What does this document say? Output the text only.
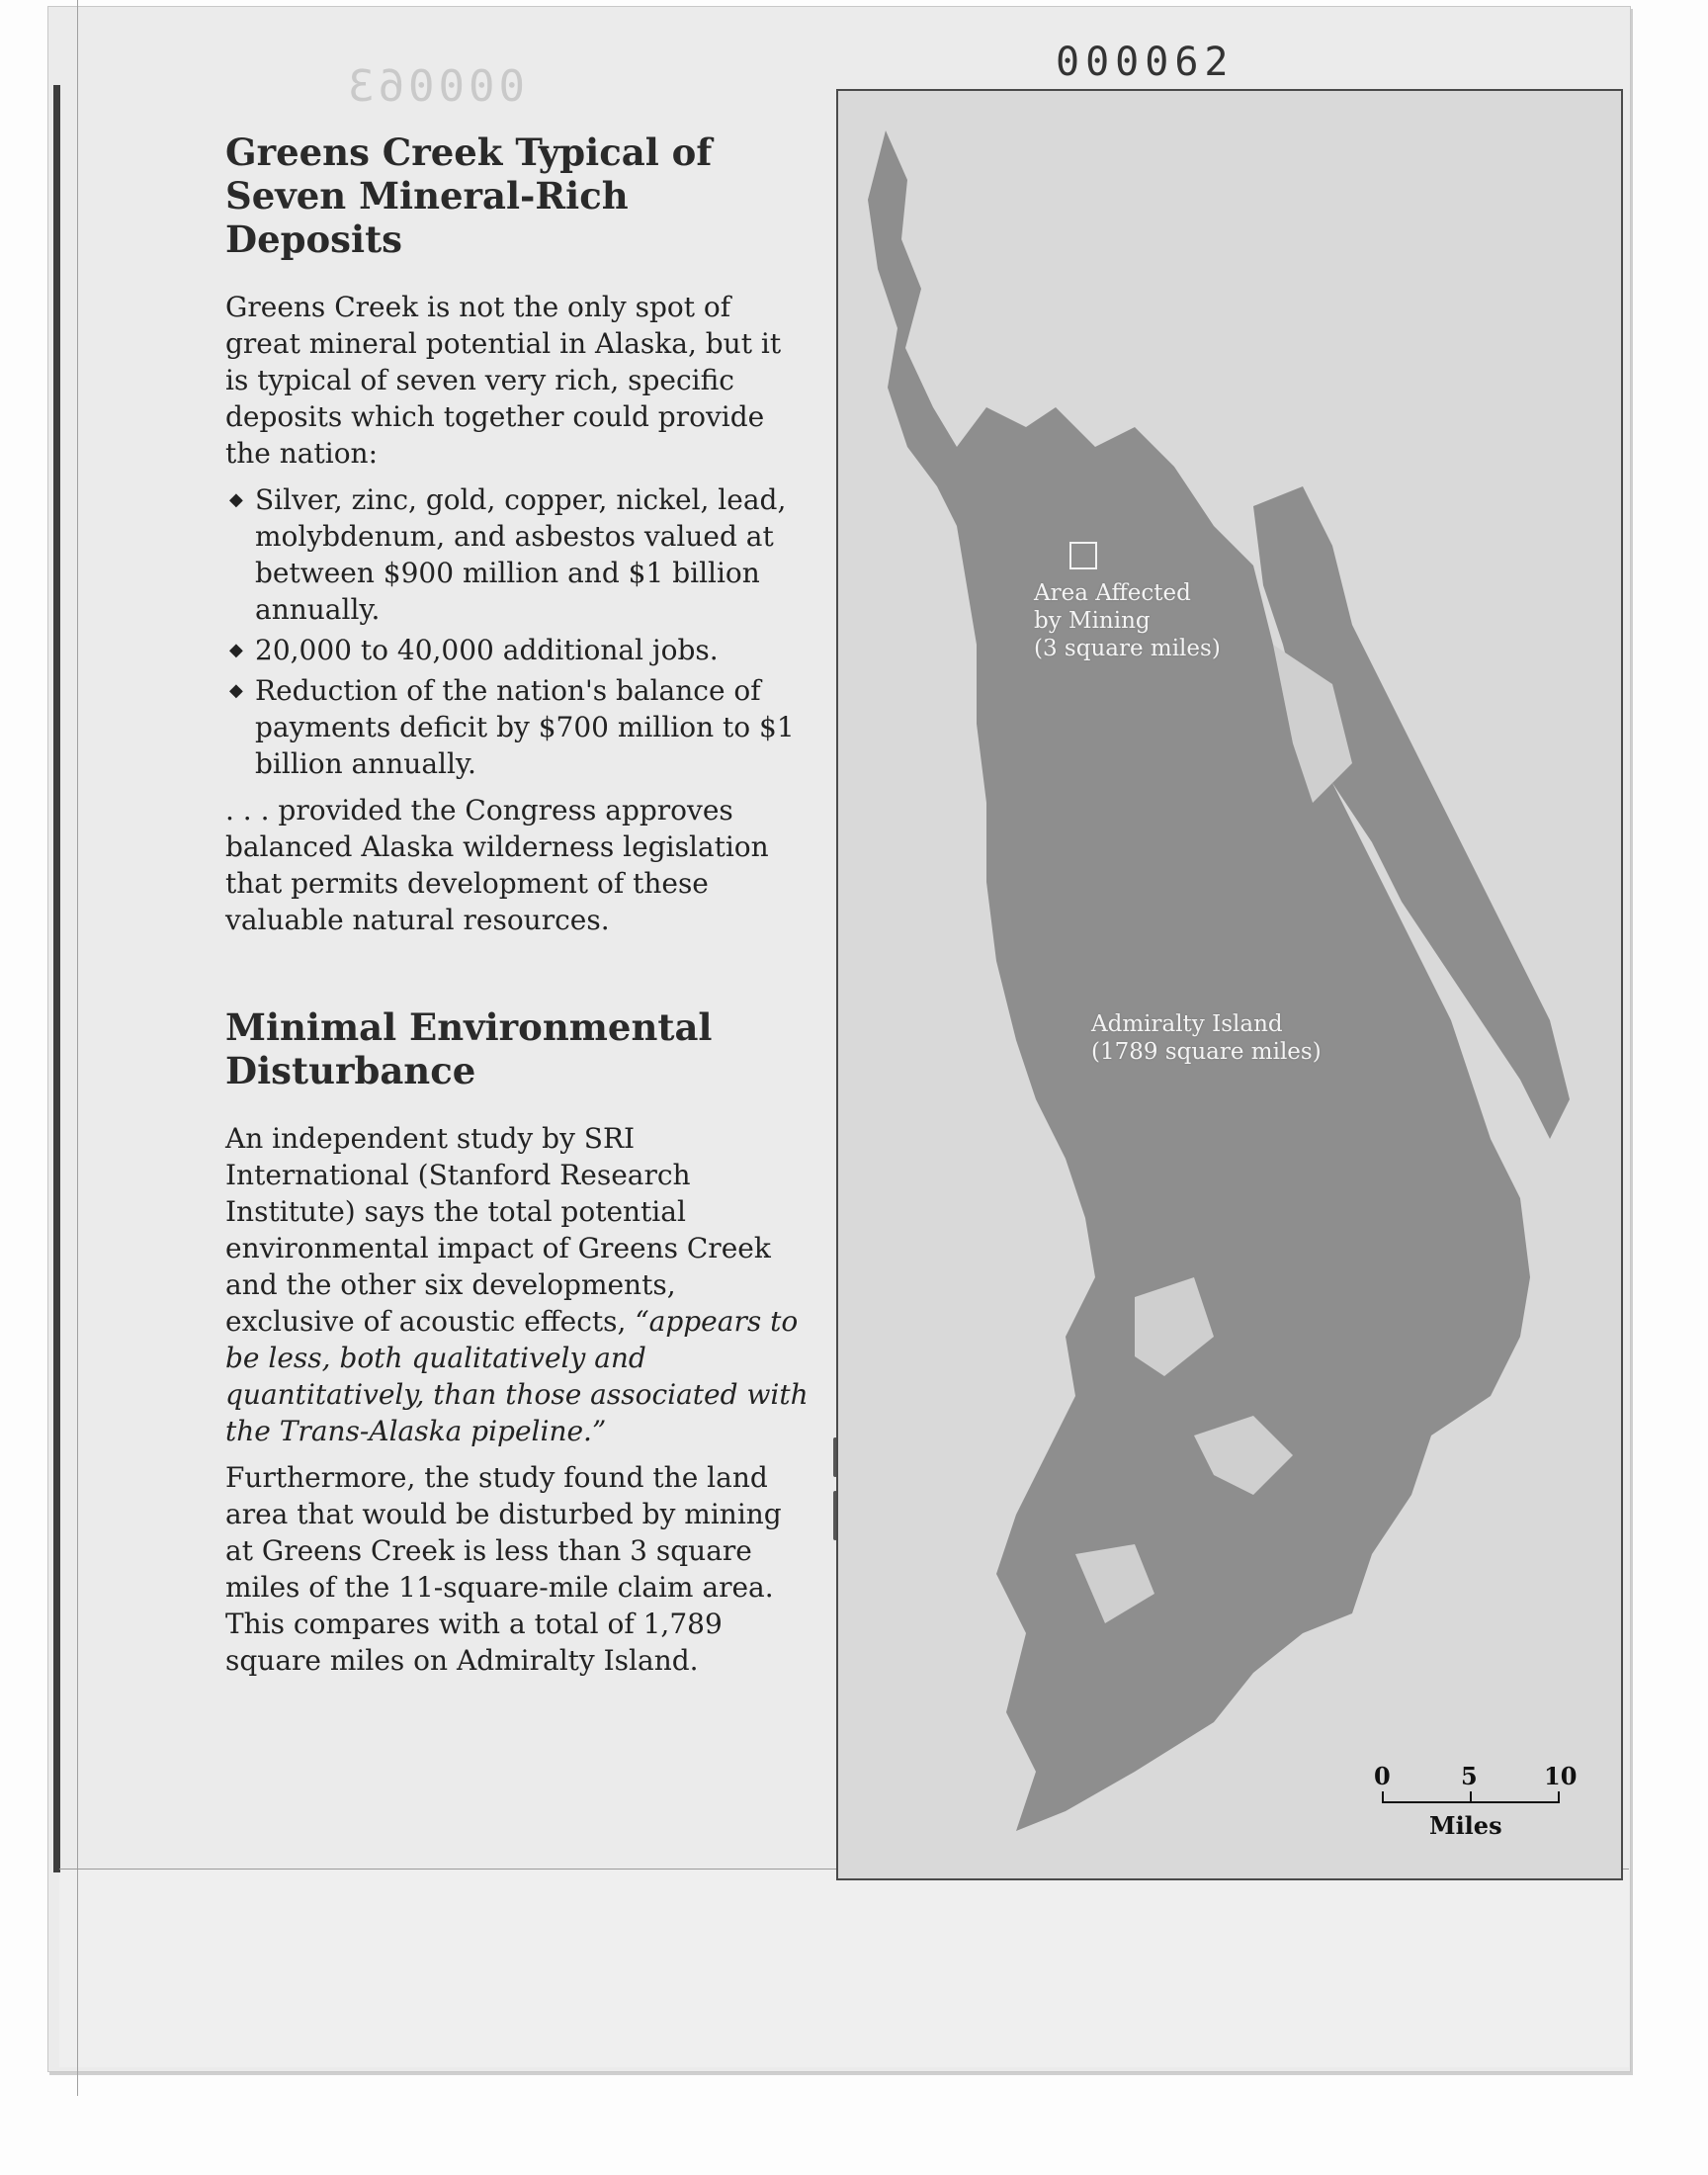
000063	000062
Greens Creek Typical of
Seven Mineral-Rich Deposits

Greens Creek is not the only spot of great mineral potential in Alaska, but it is typical of seven very rich, specific deposits which together could provide the nation:

◆ Silver, zinc, gold, copper, nickel, lead, molybdenum, and asbestos valued at between $900 million and $1 billion annually.
◆ 20,000 to 40,000 additional jobs.
◆ Reduction of the nation's balance of payments deficit by $700 million to $1 billion annually.

. . . provided the Congress approves balanced Alaska wilderness legislation that permits development of these valuable natural resources.

Minimal Environmental
Disturbance

An independent study by SRI International (Stanford Research Institute) says the total potential environmental impact of Greens Creek and the other six developments, exclusive of acoustic effects, “appears to be less, both qualitatively and quantitatively, than those associated with the Trans-Alaska pipeline.”

Furthermore, the study found the land area that would be disturbed by mining at Greens Creek is less than 3 square miles of the 11-square-mile claim area. This compares with a total of 1,789 square miles on Admiralty Island.

Area Affected
by Mining
(3 square miles)
Admiralty Island
(1789 square miles)
0	5	10
Miles
